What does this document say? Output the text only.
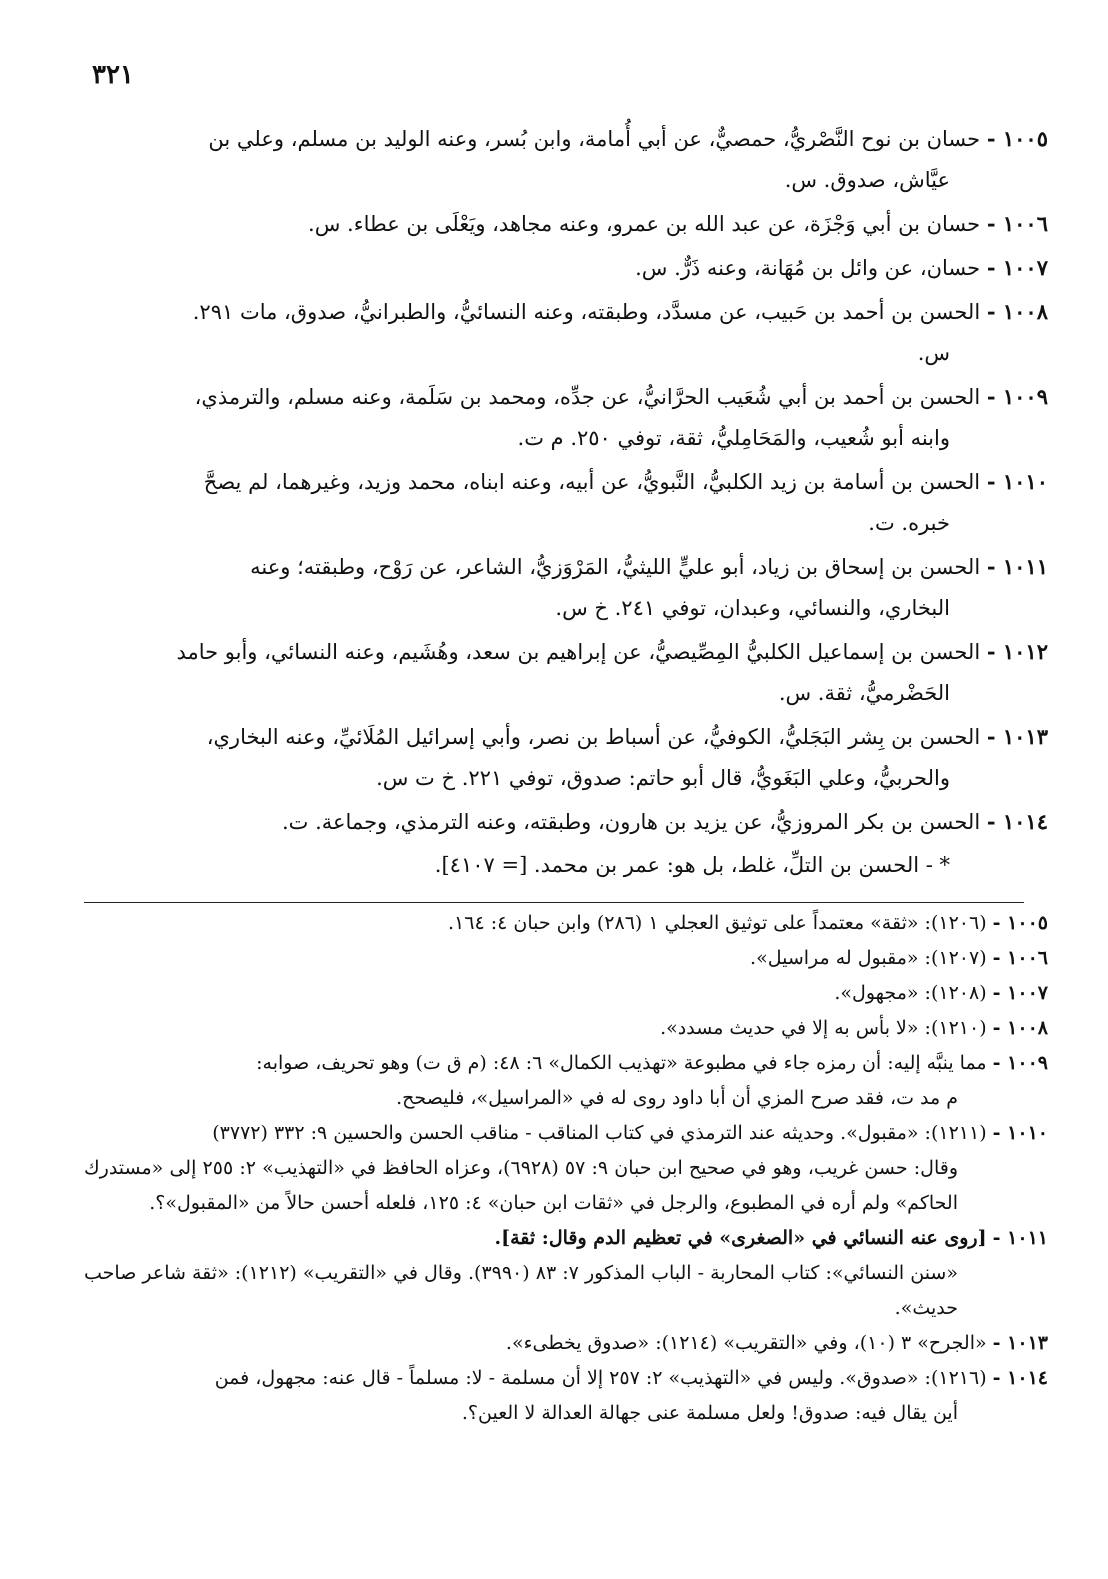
٣٢١

١٠٠٥ - حسان بن نوح النَّصْريُّ، حمصيٌّ، عن أبي أُمامة، وابن بُسر، وعنه الوليد بن مسلم، وعلي بن
عيَّاش، صدوق. س.

١٠٠٦ - حسان بن أبي وَجْزَة، عن عبد الله بن عمرو، وعنه مجاهد، ويَعْلَى بن عطاء. س.

١٠٠٧ - حسان، عن وائل بن مُهَانة، وعنه ذَرٌّ. س.

١٠٠٨ - الحسن بن أحمد بن حَبيب، عن مسدَّد، وطبقته، وعنه النسائيُّ، والطبرانيُّ، صدوق، مات ٢٩١.
س.

١٠٠٩ - الحسن بن أحمد بن أبي شُعَيب الحرَّانيُّ، عن جدِّه، ومحمد بن سَلَمة، وعنه مسلم، والترمذي،
وابنه أبو شُعيب، والمَحَامِليُّ، ثقة، توفي ٢٥٠. م ت.

١٠١٠ - الحسن بن أسامة بن زيد الكلبيُّ، النَّبويُّ، عن أبيه، وعنه ابناه، محمد وزيد، وغيرهما، لم يصحَّ
خبره. ت.

١٠١١ - الحسن بن إسحاق بن زياد، أبو عليٍّ الليثيُّ، المَرْوَزيُّ، الشاعر، عن رَوْح، وطبقته؛ وعنه
البخاري، والنسائي، وعبدان، توفي ٢٤١. خ س.

١٠١٢ - الحسن بن إسماعيل الكلبيُّ المِصِّيصيُّ، عن إبراهيم بن سعد، وهُشَيم، وعنه النسائي، وأبو حامد
الحَضْرميُّ، ثقة. س.

١٠١٣ - الحسن بن بِشر البَجَليُّ، الكوفيُّ، عن أسباط بن نصر، وأبي إسرائيل المُلَائيِّ، وعنه البخاري،
والحربيُّ، وعلي البَغَويُّ، قال أبو حاتم: صدوق، توفي ٢٢١. خ ت س.

١٠١٤ - الحسن بن بكر المروزيُّ، عن يزيد بن هارون، وطبقته، وعنه الترمذي، وجماعة. ت.

* - الحسن بن التلِّ، غلط، بل هو: عمر بن محمد. [= ٤١٠٧].

١٠٠٥ - (١٢٠٦): «ثقة» معتمداً على توثيق العجلي ١ (٢٨٦) وابن حبان ٤: ١٦٤.

١٠٠٦ - (١٢٠٧): «مقبول له مراسيل».

١٠٠٧ - (١٢٠٨): «مجهول».

١٠٠٨ - (١٢١٠): «لا بأس به إلا في حديث مسدد».

١٠٠٩ - مما ينبَّه إليه: أن رمزه جاء في مطبوعة «تهذيب الكمال» ٦: ٤٨: (م ق ت) وهو تحريف، صوابه:
م مد ت، فقد صرح المزي أن أبا داود روى له في «المراسيل»، فليصحح.

١٠١٠ - (١٢١١): «مقبول». وحديثه عند الترمذي في كتاب المناقب - مناقب الحسن والحسين ٩: ٣٣٢ (٣٧٧٢)
وقال: حسن غريب، وهو في صحيح ابن حبان ٩: ٥٧ (٦٩٢٨)، وعزاه الحافظ في «التهذيب» ٢: ٢٥٥ إلى «مستدرك الحاكم» ولم أره في المطبوع، والرجل في «ثقات ابن حبان» ٤: ١٢٥، فلعله أحسن حالاً من «المقبول»؟.

١٠١١ - [روى عنه النسائي في «الصغرى» في تعظيم الدم وقال: ثقة].
«سنن النسائي»: كتاب المحاربة - الباب المذكور ٧: ٨٣ (٣٩٩٠). وقال في «التقريب» (١٢١٢): «ثقة شاعر صاحب حديث».

١٠١٣ - «الجرح» ٣ (١٠)، وفي «التقريب» (١٢١٤): «صدوق يخطىء».

١٠١٤ - (١٢١٦): «صدوق». وليس في «التهذيب» ٢: ٢٥٧ إلا أن مسلمة - لا: مسلماً - قال عنه: مجهول، فمن
أين يقال فيه: صدوق! ولعل مسلمة عنى جهالة العدالة لا العين؟.
